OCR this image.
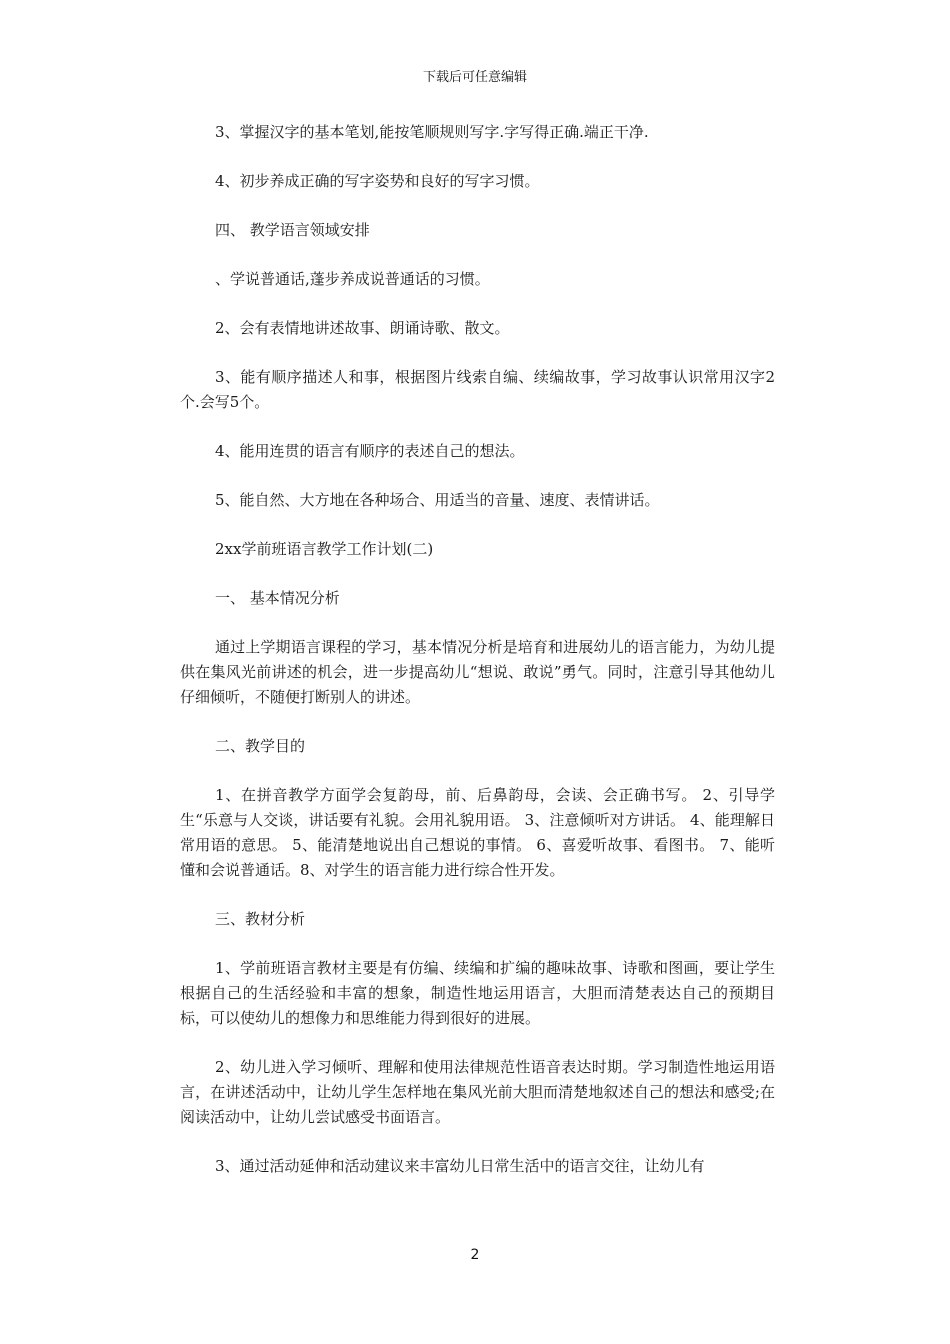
下载后可任意编辑

3、掌握汉字的基本笔划,能按笔顺规则写字.字写得正确.端正干净.

4、初步养成正确的写字姿势和良好的写字习惯。

四、 教学语言领域安排

、学说普通话,蓬步养成说普通话的习惯。

2、会有表情地讲述故事、朗诵诗歌、散文。

3、能有顺序描述人和事，根据图片线索自编、续编故事，学习故事认识常用汉字2个.会写5个。

4、能用连贯的语言有顺序的表述自己的想法。

5、能自然、大方地在各种场合、用适当的音量、速度、表情讲话。

2xx学前班语言教学工作计划(二)

一、 基本情况分析

通过上学期语言课程的学习，基本情况分析是培育和进展幼儿的语言能力，为幼儿提供在集风光前讲述的机会，进一步提高幼儿“想说、敢说”勇气。同时，注意引导其他幼儿仔细倾听，不随便打断别人的讲述。

二、教学目的

1、在拼音教学方面学会复韵母，前、后鼻韵母，会读、会正确书写。 2、引导学生“乐意与人交谈，讲话要有礼貌。会用礼貌用语。 3、注意倾听对方讲话。 4、能理解日常用语的意思。 5、能清楚地说出自己想说的事情。 6、喜爱听故事、看图书。 7、能听懂和会说普通话。8、对学生的语言能力进行综合性开发。

三、教材分析

1、学前班语言教材主要是有仿编、续编和扩编的趣味故事、诗歌和图画，要让学生根据自己的生活经验和丰富的想象，制造性地运用语言，大胆而清楚表达自己的预期目标，可以使幼儿的想像力和思维能力得到很好的进展。

2、幼儿进入学习倾听、理解和使用法律规范性语音表达时期。学习制造性地运用语言，在讲述活动中，让幼儿学生怎样地在集风光前大胆而清楚地叙述自己的想法和感受;在阅读活动中，让幼儿尝试感受书面语言。

3、通过活动延伸和活动建议来丰富幼儿日常生活中的语言交往，让幼儿有

2
